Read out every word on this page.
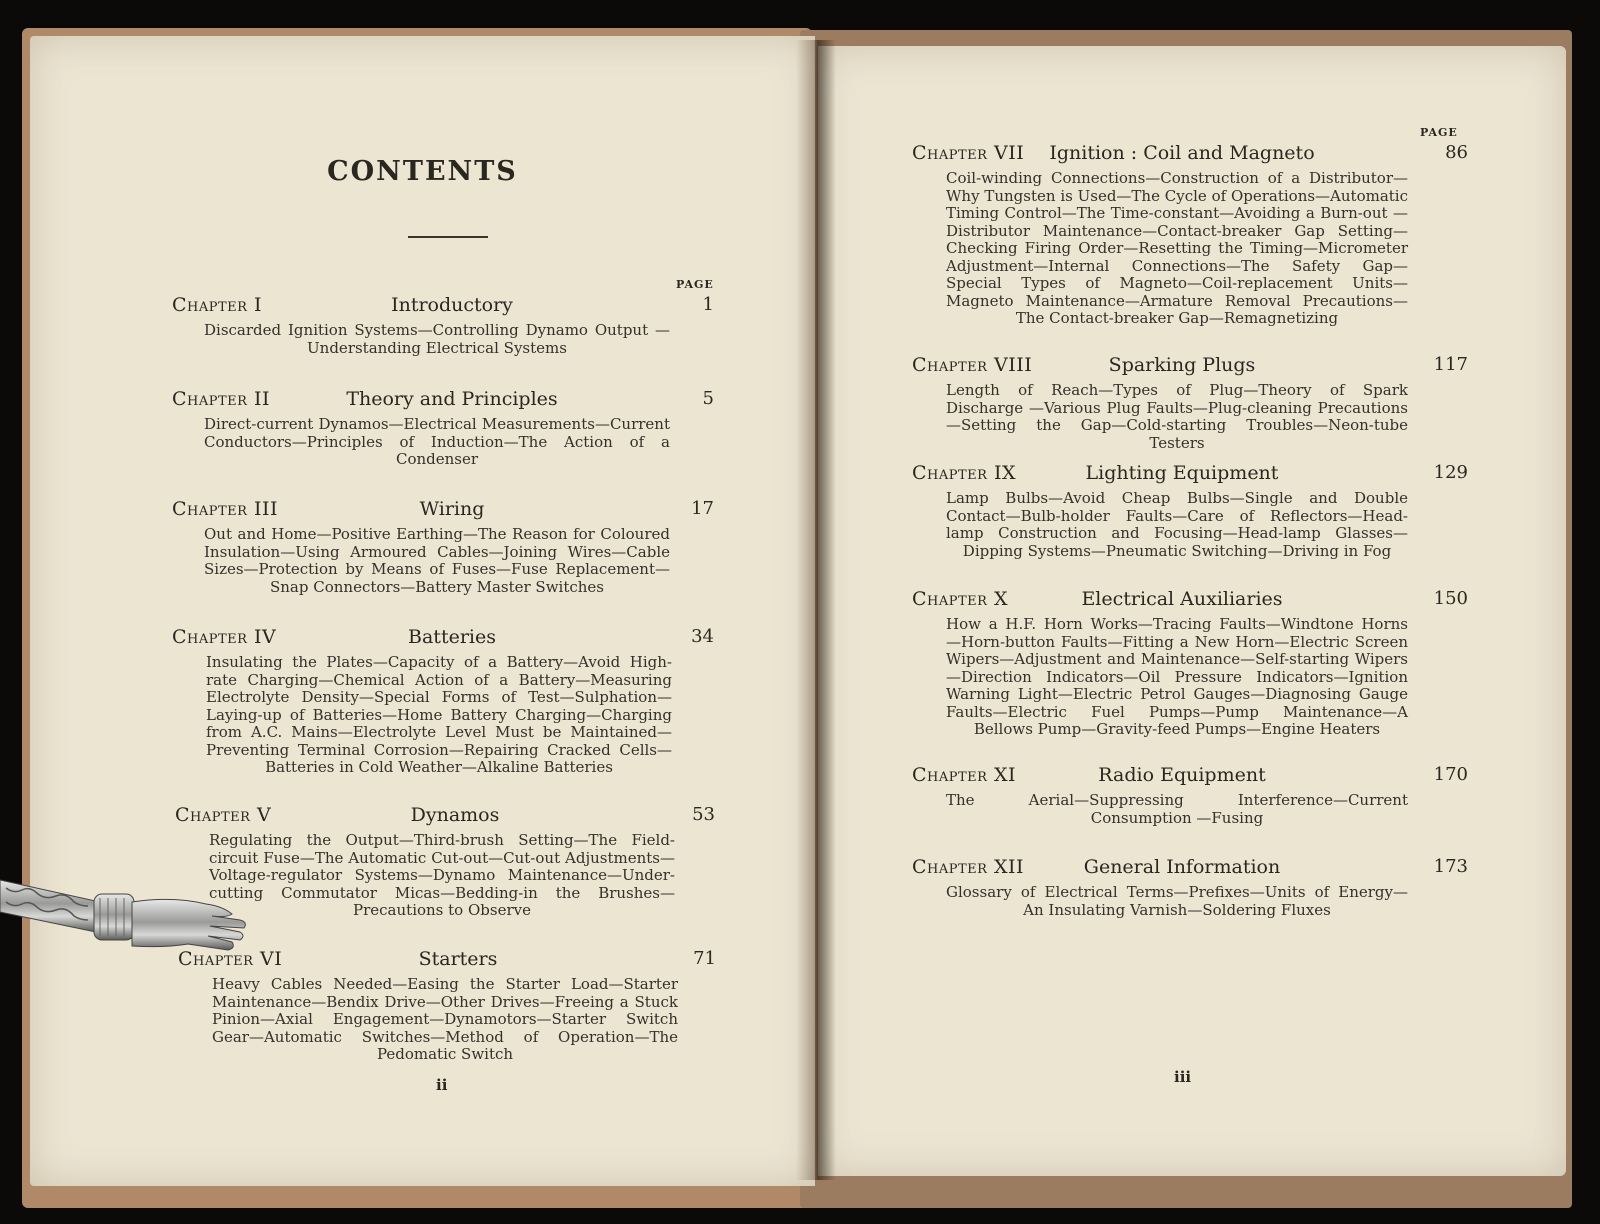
CONTENTS
PAGE
Chapter I	Introductory	1
Discarded Ignition Systems—Controlling Dynamo Output —Understanding Electrical Systems
Chapter II	Theory and Principles	5
Direct-current Dynamos—Electrical Measurements—Current Conductors—Principles of Induction—The Action of a Condenser
Chapter III	Wiring	17
Out and Home—Positive Earthing—The Reason for Coloured Insulation—Using Armoured Cables—Joining Wires—Cable Sizes—Protection by Means of Fuses—Fuse Replacement— Snap Connectors—Battery Master Switches
Chapter IV	Batteries	34
Insulating the Plates—Capacity of a Battery—Avoid High-rate Charging—Chemical Action of a Battery—Measuring Electrolyte Density—Special Forms of Test—Sulphation— Laying-up of Batteries—Home Battery Charging—Charging from A.C. Mains—Electrolyte Level Must be Maintained— Preventing Terminal Corrosion—Repairing Cracked Cells— Batteries in Cold Weather—Alkaline Batteries
Chapter V	Dynamos	53
Regulating the Output—Third-brush Setting—The Field-circuit Fuse—The Automatic Cut-out—Cut-out Adjustments— Voltage-regulator Systems—Dynamo Maintenance—Under-cutting Commutator Micas—Bedding-in the Brushes— Precautions to Observe
Chapter VI	Starters	71
Heavy Cables Needed—Easing the Starter Load—Starter Maintenance—Bendix Drive—Other Drives—Freeing a Stuck Pinion—Axial Engagement—Dynamotors—Starter Switch Gear—Automatic Switches—Method of Operation—The Pedomatic Switch
ii
PAGE
Chapter VII	Ignition : Coil and Magneto	86
Coil-winding Connections—Construction of a Distributor— Why Tungsten is Used—The Cycle of Operations—Automatic Timing Control—The Time-constant—Avoiding a Burn-out —Distributor Maintenance—Contact-breaker Gap Setting— Checking Firing Order—Resetting the Timing—Micrometer Adjustment—Internal Connections—The Safety Gap—Special Types of Magneto—Coil-replacement Units—Magneto Maintenance—Armature Removal Precautions—The Contact-breaker Gap—Remagnetizing
Chapter VIII	Sparking Plugs	117
Length of Reach—Types of Plug—Theory of Spark Discharge —Various Plug Faults—Plug-cleaning Precautions—Setting the Gap—Cold-starting Troubles—Neon-tube Testers
Chapter IX	Lighting Equipment	129
Lamp Bulbs—Avoid Cheap Bulbs—Single and Double Contact—Bulb-holder Faults—Care of Reflectors—Head-lamp Construction and Focusing—Head-lamp Glasses—Dipping Systems—Pneumatic Switching—Driving in Fog
Chapter X	Electrical Auxiliaries	150
How a H.F. Horn Works—Tracing Faults—Windtone Horns —Horn-button Faults—Fitting a New Horn—Electric Screen Wipers—Adjustment and Maintenance—Self-starting Wipers —Direction Indicators—Oil Pressure Indicators—Ignition Warning Light—Electric Petrol Gauges—Diagnosing Gauge Faults—Electric Fuel Pumps—Pump Maintenance—A Bellows Pump—Gravity-feed Pumps—Engine Heaters
Chapter XI	Radio Equipment	170
The Aerial—Suppressing Interference—Current Consumption —Fusing
Chapter XII	General Information	173
Glossary of Electrical Terms—Prefixes—Units of Energy— An Insulating Varnish—Soldering Fluxes
iii
